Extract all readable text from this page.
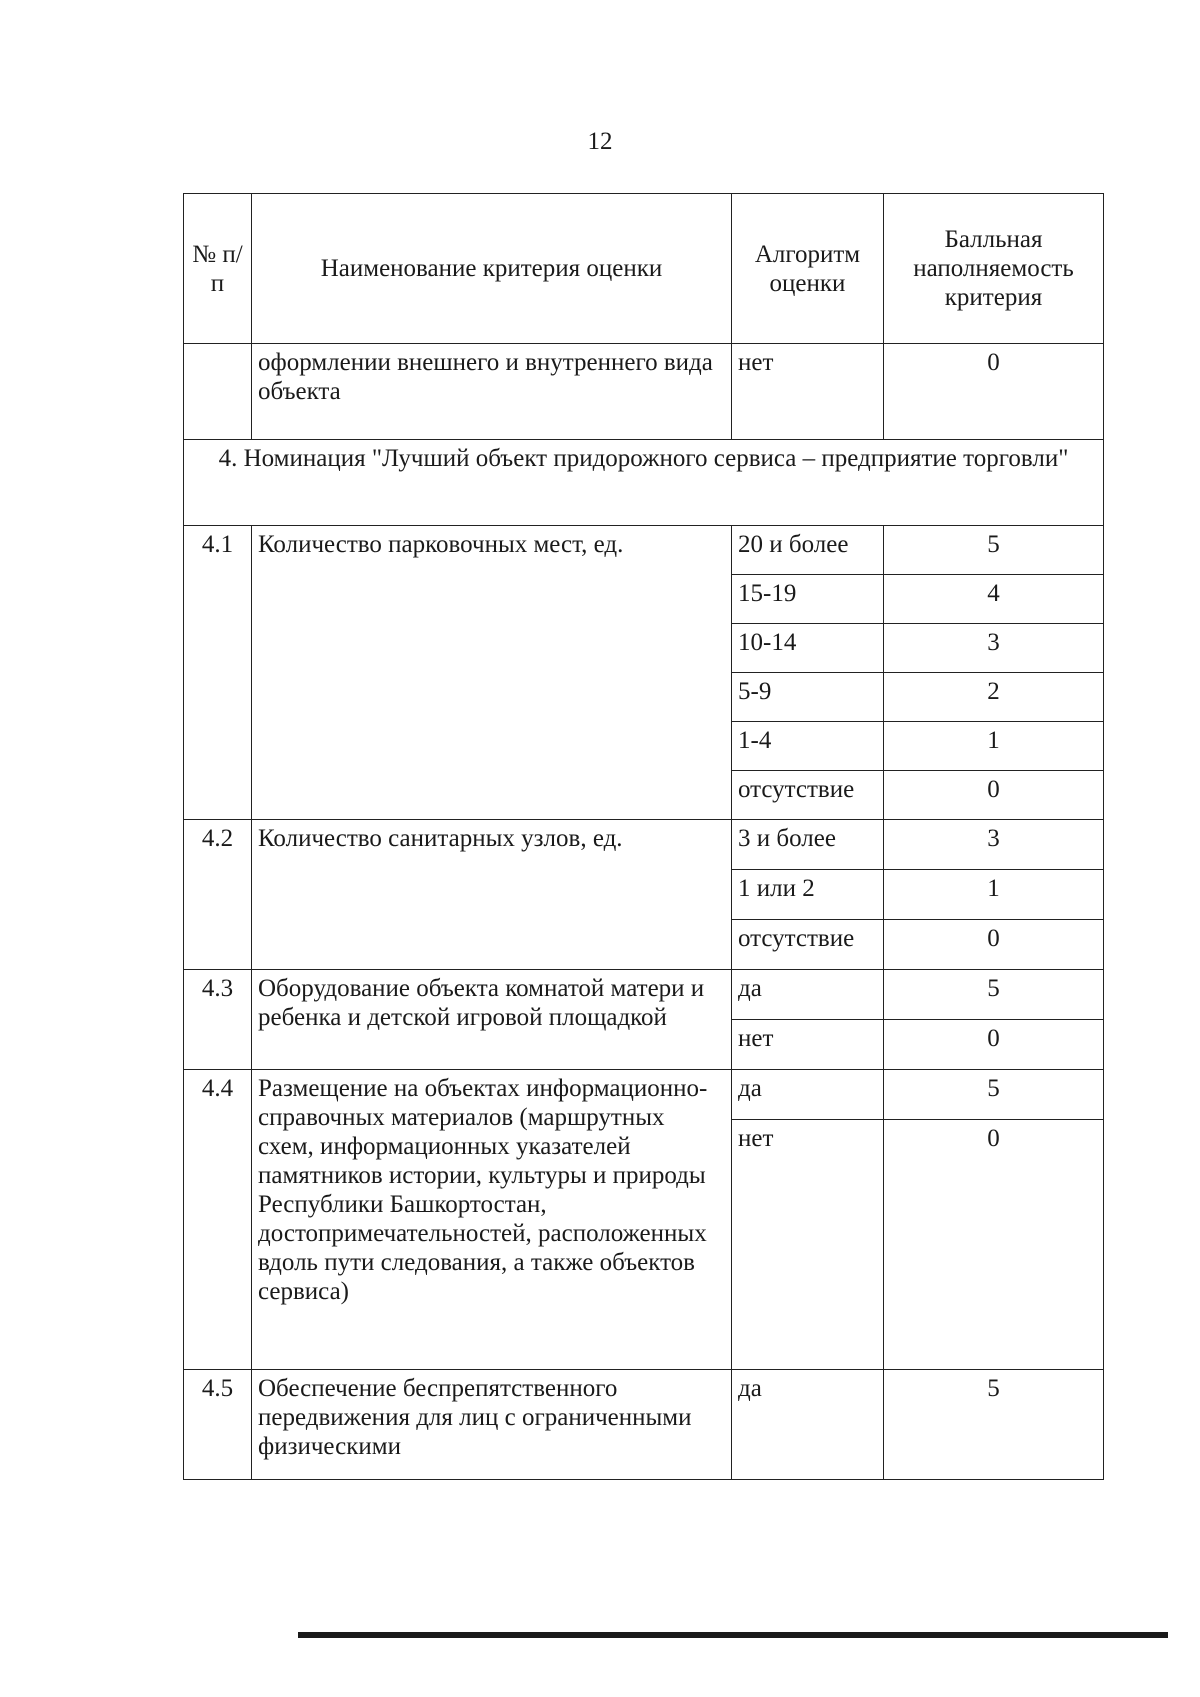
12
№ п/п	Наименование критерия оценки	Алгоритм оценки	Балльная наполняемость критерия
	оформлении внешнего и внутреннего вида объекта	нет	0
4. Номинация "Лучший объект придорожного сервиса – предприятие торговли"			
4.1	Количество парковочных мест, ед.	20 и более	5
		15-19	4
		10-14	3
		5-9	2
		1-4	1
		отсутствие	0
4.2	Количество санитарных узлов, ед.	3 и более	3
		1 или 2	1
		отсутствие	0
4.3	Оборудование объекта комнатой матери и ребенка и детской игровой площадкой	да	5
		нет	0
4.4	Размещение на объектах информационно-справочных материалов (маршрутных схем, информационных указателей памятников истории, культуры и природы Республики Башкортостан, достопримечательностей, расположенных вдоль пути следования, а также объектов сервиса)	да	5
		нет	0
4.5	Обеспечение беспрепятственного передвижения для лиц с ограниченными физическими	да	5
